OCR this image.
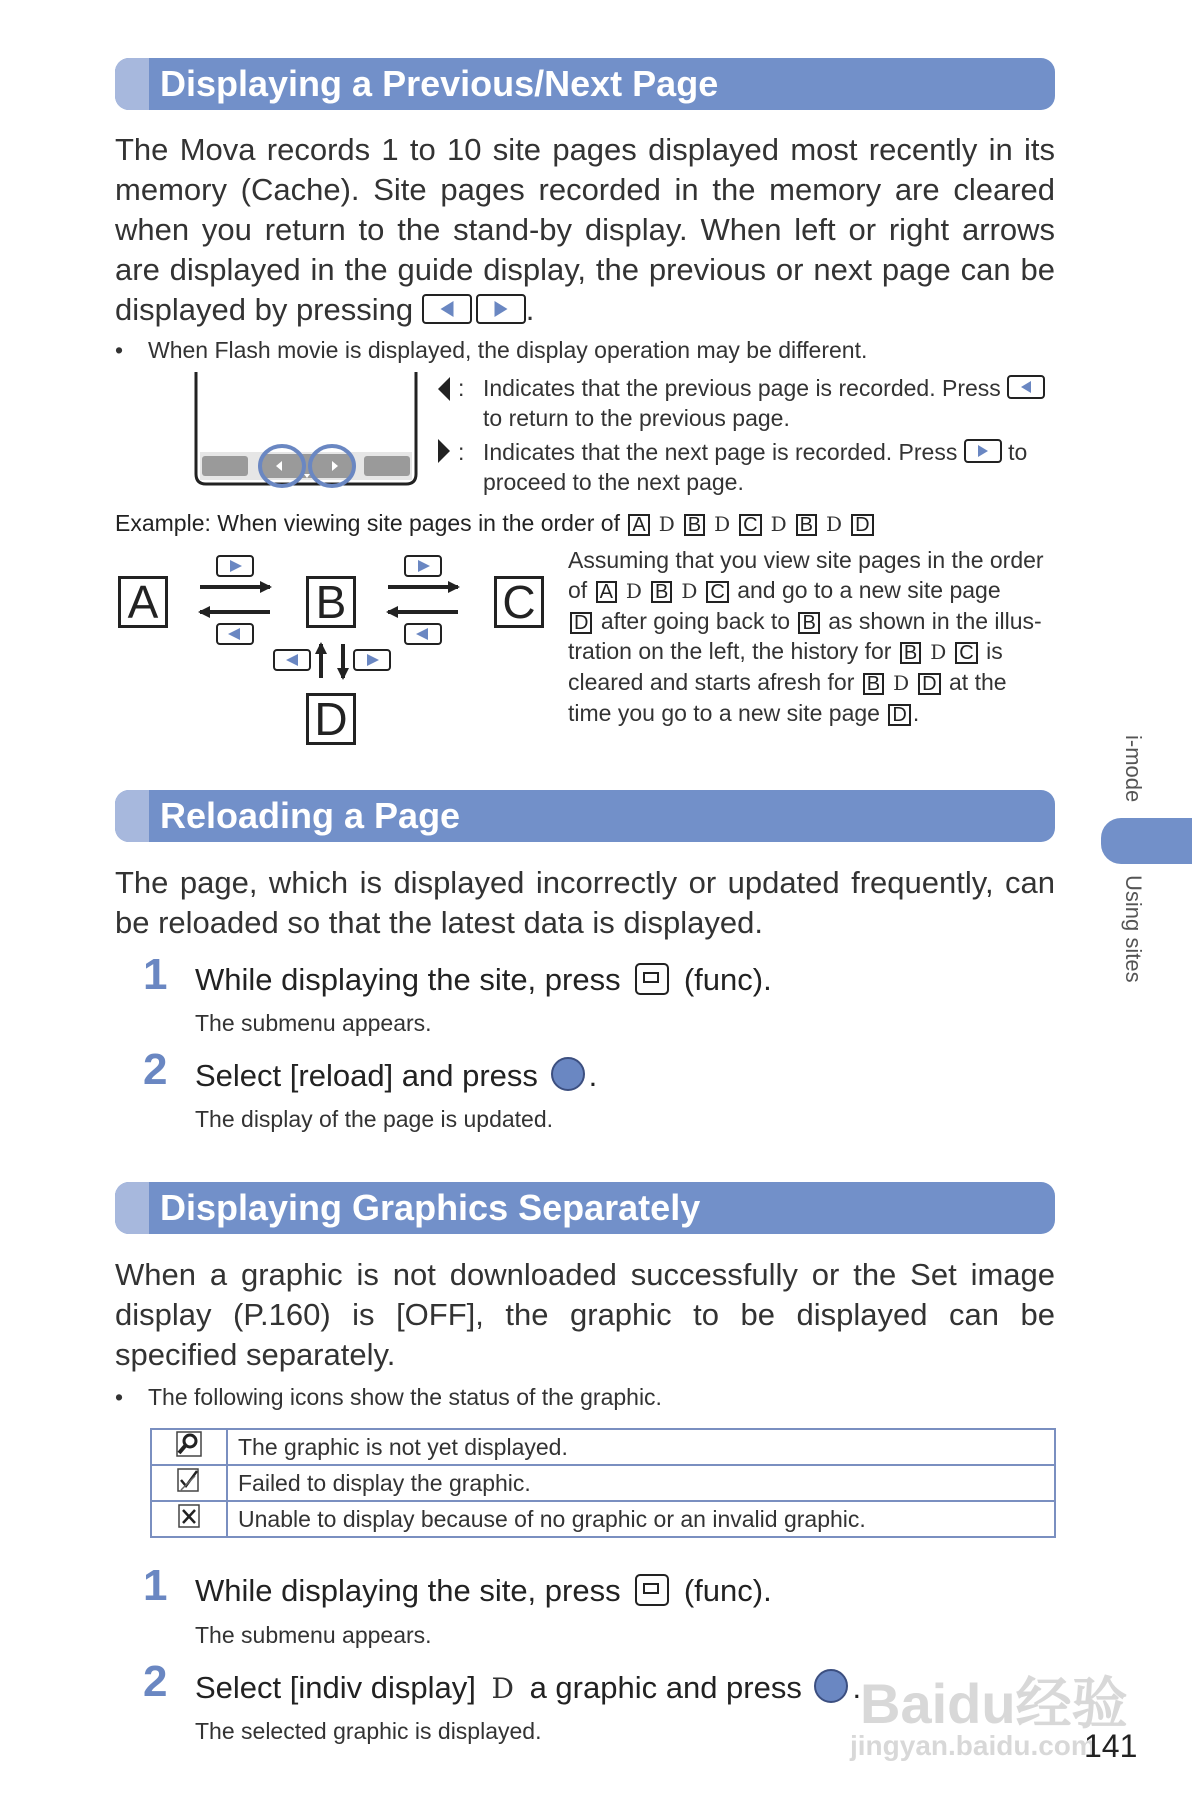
Displaying a Previous/Next Page
The Mova records 1 to 10 site pages displayed most recently in its memory (Cache). Site pages recorded in the memory are cleared when you return to the stand-by display. When left or right arrows are displayed in the guide display, the previous or next page can be displayed by pressing	.
• When Flash movie is displayed, the display operation may be different.
: Indicates that the previous page is recorded. Press

to return to the previous page.
: Indicates that the next page is recorded. Press to
proceed to the next page.
Example: When viewing site pages in the order of A D B D C D B D D
A	B	C
D
Assuming that you view site pages in the order
of A D B D C and go to a new site page
D after going back to B as shown in the illus-
tration on the left, the history for B D C is
cleared and starts afresh for B D D at the
time you go to a new site page D .
Reloading a Page
The page, which is displayed incorrectly or updated frequently, can be reloaded so that the latest data is displayed.
1 While displaying the site, press (func).
The submenu appears.
2 Select [reload] and press .
The display of the page is updated.
Displaying Graphics Separately
When a graphic is not downloaded successfully or the Set image display (P.160) is [OFF], the graphic to be displayed can be specified separately.
• The following icons show the status of the graphic.
	The graphic is not yet displayed.
	Failed to display the graphic.
	Unable to display because of no graphic or an invalid graphic.
1 While displaying the site, press (func).
The submenu appears.
2 Select [indiv display] D a graphic and press .
The selected graphic is displayed.
i-mode
Using sites
Baidu经验
jingyan.baidu.com
141
